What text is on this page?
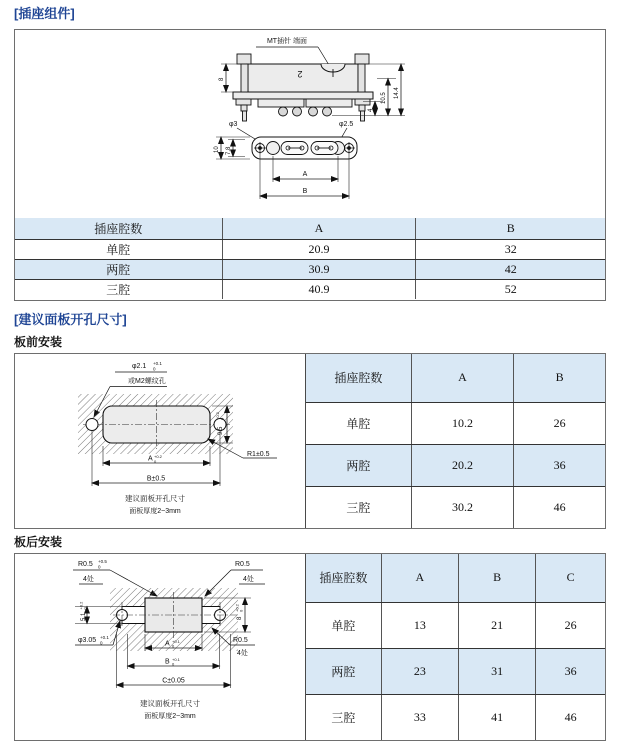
[插座组件]
MT插针 端面
2
8
4
10.5 14.4
φ3	φ2.5
10 7.8
A
B
插座腔数	A	B
单腔	20.9	32
两腔	30.9	42
三腔	40.9	52
[建议面板开孔尺寸]
板前安装
φ2.1 +0.1
0
或M2螺纹孔
9.5
+0.2 0
R1±0.5
A +0.2
0
B±0.5
建议面板开孔尺寸
面板厚度2~3mm
插座腔数	A	B
单腔	10.2	26
两腔	20.2	36
三腔	30.2	46
板后安装
R0.5 +0.5
0
4处
R0.5
4处
5.1
+0.2 0
8
+0.2 0
φ3.05 +0.1
0	R0.5
4处
A +0.1
0
B +0.1
0
C±0.05
建议面板开孔尺寸
面板厚度2~3mm
插座腔数	A	B	C
单腔	13	21	26
两腔	23	31	36
三腔	33	41	46
